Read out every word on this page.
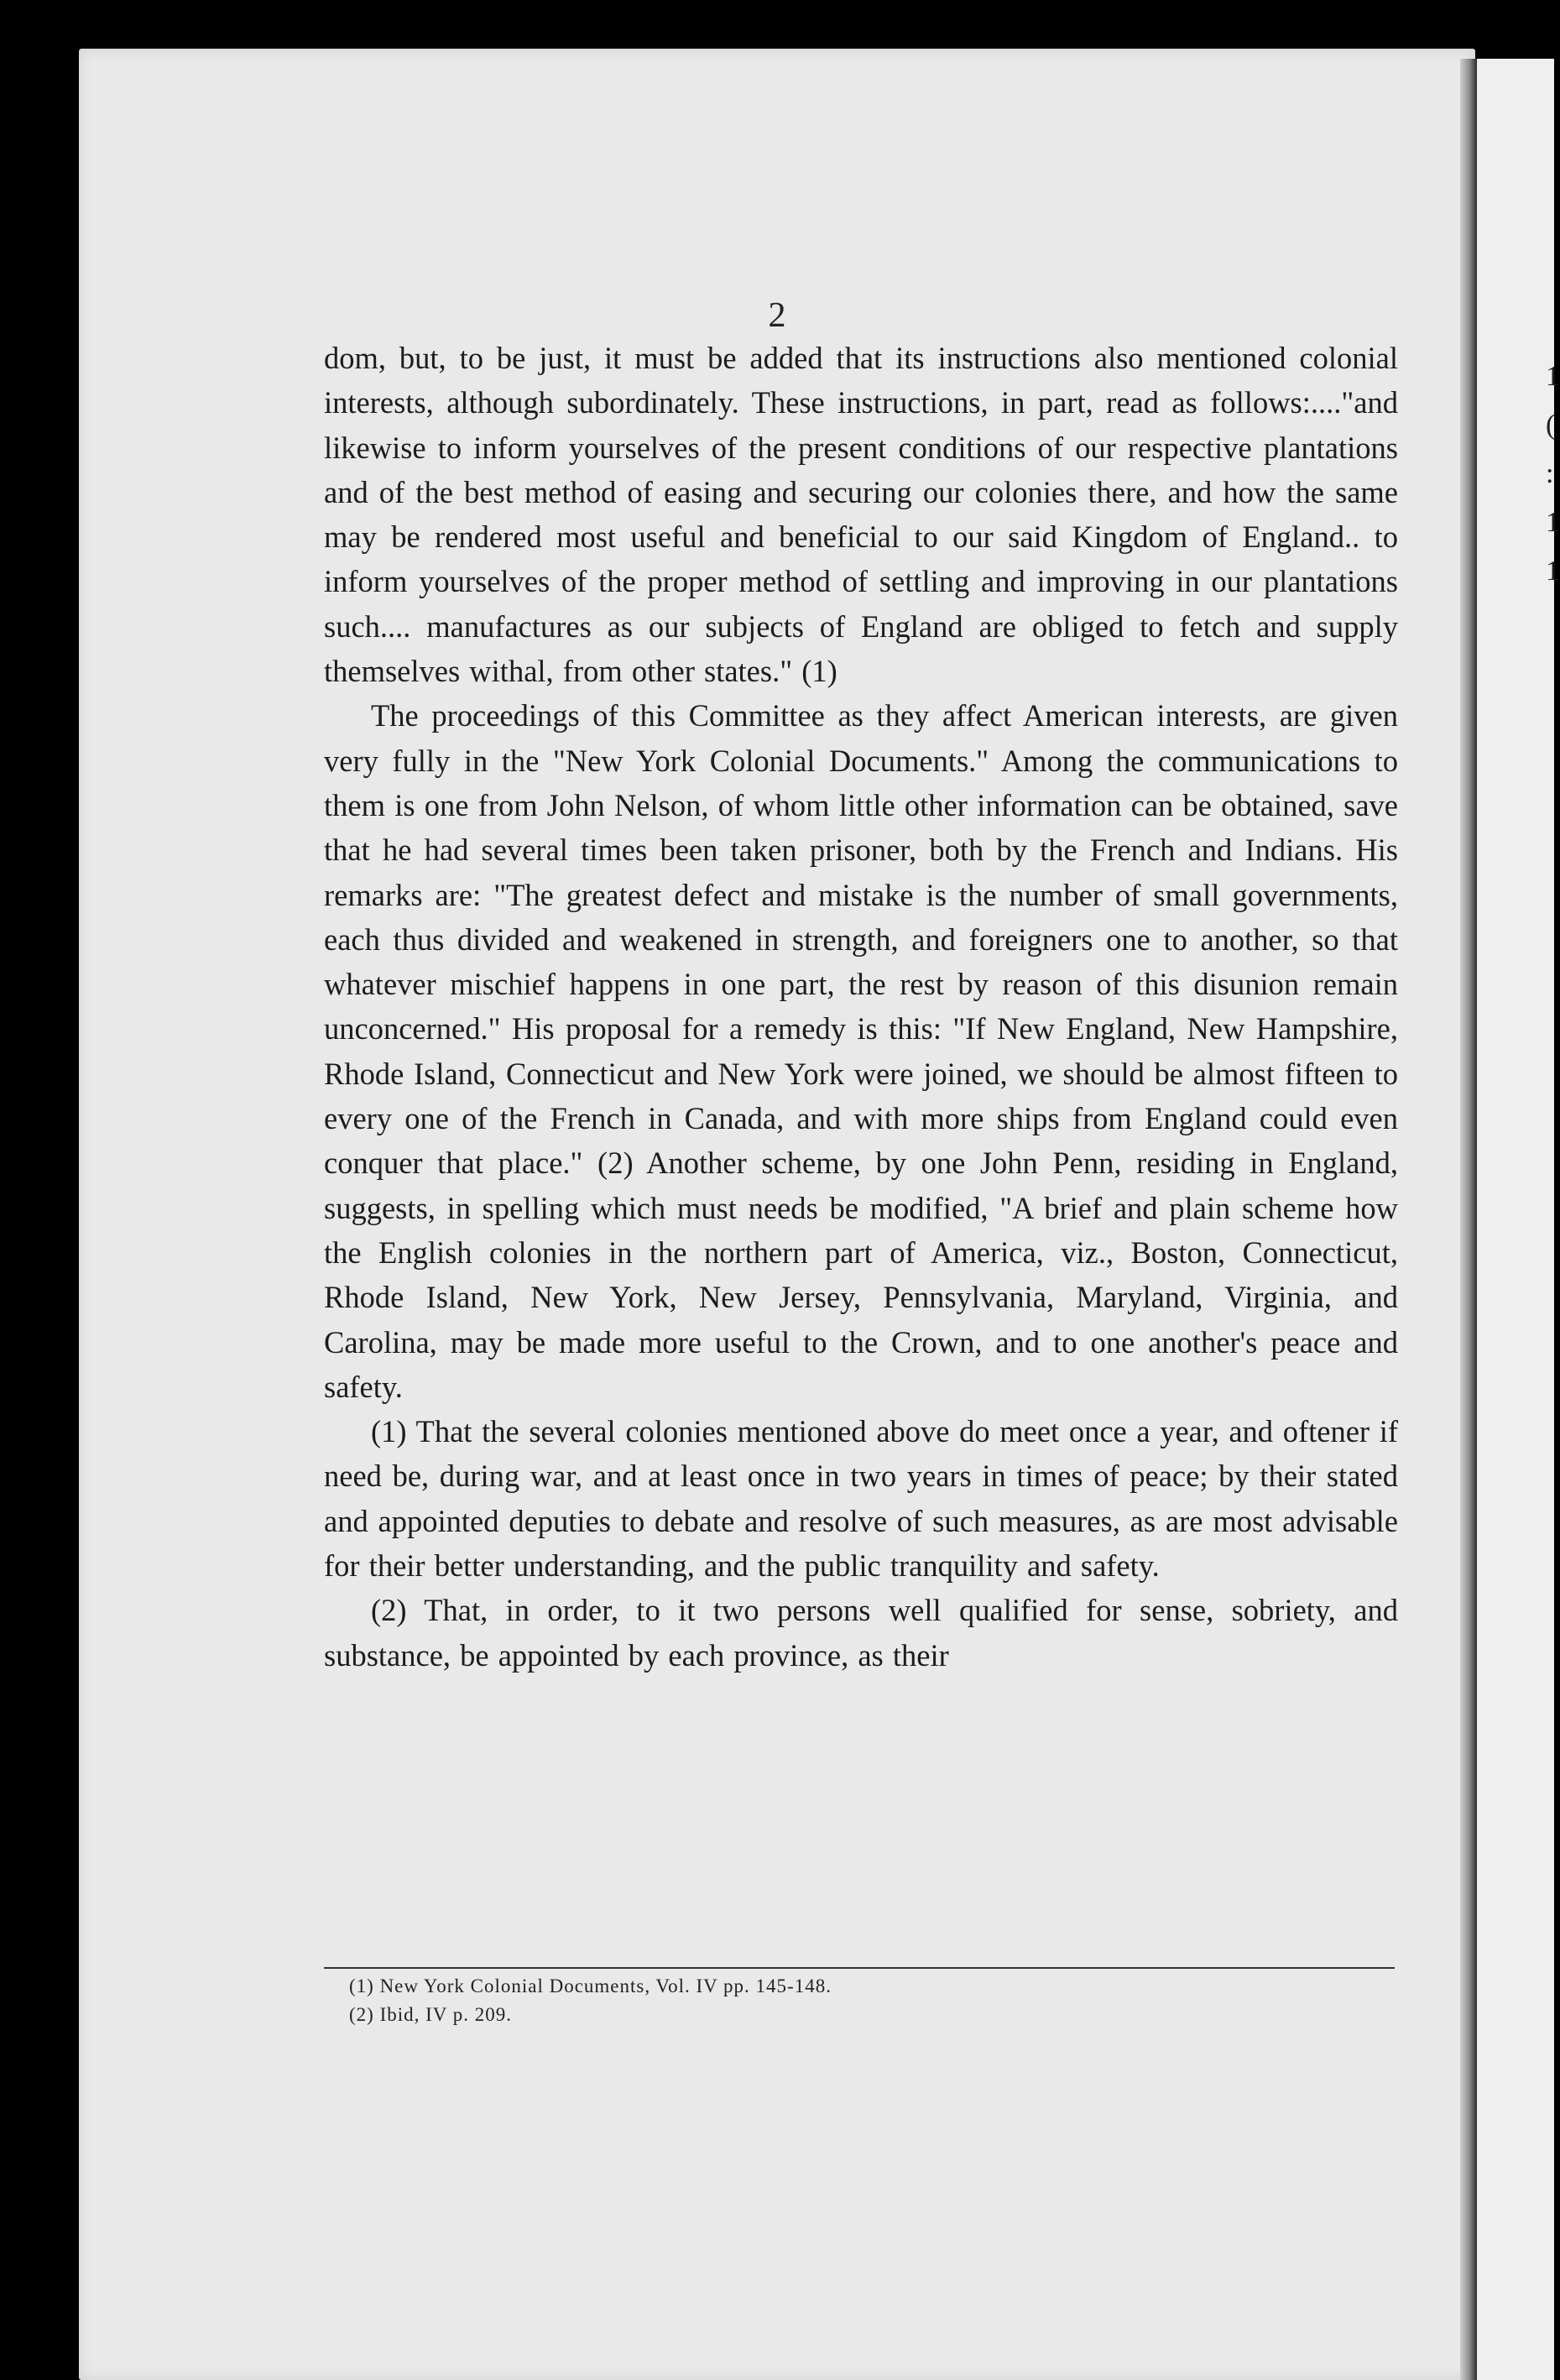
2

dom, but, to be just, it must be added that its instructions also mentioned colonial interests, although subordinately. These instructions, in part, read as follows:...."and likewise to inform yourselves of the present conditions of our respective plantations and of the best method of easing and securing our colonies there, and how the same may be rendered most useful and beneficial to our said Kingdom of England.. to inform yourselves of the proper method of settling and improving in our plantations such.... manufactures as our subjects of England are obliged to fetch and supply themselves withal, from other states." (1)

The proceedings of this Committee as they affect American interests, are given very fully in the "New York Colonial Documents." Among the communications to them is one from John Nelson, of whom little other information can be obtained, save that he had several times been taken prisoner, both by the French and Indians. His remarks are: "The greatest defect and mistake is the number of small governments, each thus divided and weakened in strength, and foreigners one to another, so that whatever mischief happens in one part, the rest by reason of this disunion remain unconcerned." His proposal for a remedy is this: "If New England, New Hampshire, Rhode Island, Connecticut and New York were joined, we should be almost fifteen to every one of the French in Canada, and with more ships from England could even conquer that place." (2) Another scheme, by one John Penn, residing in England, suggests, in spelling which must needs be modified, "A brief and plain scheme how the English colonies in the northern part of America, viz., Boston, Connecticut, Rhode Island, New York, New Jersey, Pennsylvania, Maryland, Virginia, and Carolina, may be made more useful to the Crown, and to one another's peace and safety.

(1) That the several colonies mentioned above do meet once a year, and oftener if need be, during war, and at least once in two years in times of peace; by their stated and appointed deputies to debate and resolve of such measures, as are most advisable for their better understanding, and the public tranquility and safety.

(2) That, in order, to it two persons well qualified for sense, sobriety, and substance, be appointed by each province, as their

(1) New York Colonial Documents, Vol. IV pp. 145-148.
(2) Ibid, IV p. 209.
1
(
:
1
1
